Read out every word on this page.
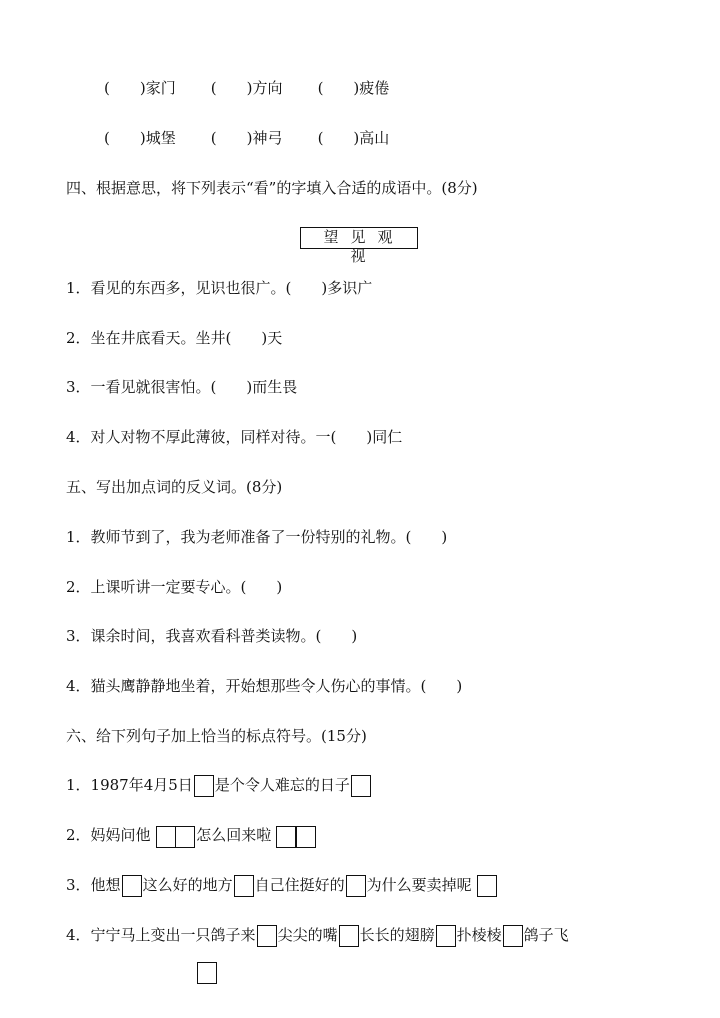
(　　)家门 (　　)方向 (　　)疲倦
(　　)城堡 (　　)神弓 (　　)高山
四、根据意思，将下列表示“看”的字填入合适的成语中。(8分)
望见观视
1．看见的东西多，见识也很广。(　　)多识广
2．坐在井底看天。坐井(　　)天
3．一看见就很害怕。(　　)而生畏
4．对人对物不厚此薄彼，同样对待。一(　　)同仁
五、写出加点词的反义词。(8分)
1．教师节到了，我为老师准备了一份特别的礼物。(　　)
2．上课听讲一定要专心。(　　)
3．课余时间，我喜欢看科普类读物。(　　)
4．猫头鹰静静地坐着，开始想那些令人伤心的事情。(　　)
六、给下列句子加上恰当的标点符号。(15分)
1．1987年4月5日 是个令人难忘的日子
2．妈妈问他	怎么回来啦
3．他想 这么好的地方 自己住挺好的 为什么要卖掉呢
4．宁宁马上变出一只鸽子来 尖尖的嘴 长长的翅膀 扑棱棱 鸽子飞
